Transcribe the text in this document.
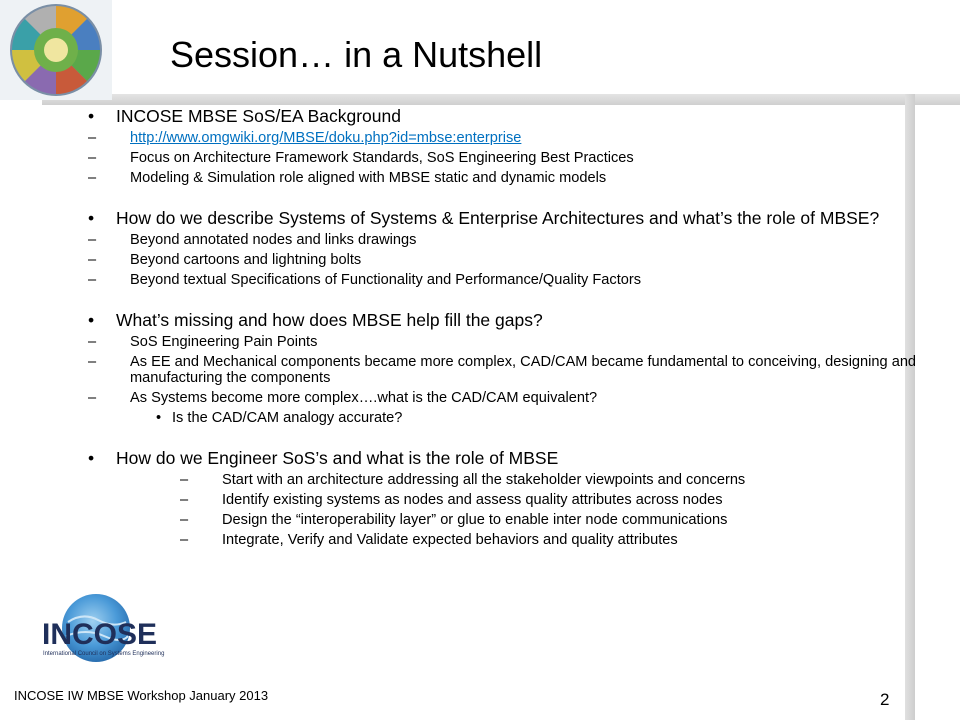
Session… in a Nutshell
• INCOSE MBSE SoS/EA Background
– http://www.omgwiki.org/MBSE/doku.php?id=mbse:enterprise
– Focus on Architecture Framework Standards, SoS Engineering Best Practices
– Modeling & Simulation role aligned with MBSE static and dynamic models
• How do we describe Systems of Systems & Enterprise Architectures and what’s the role of MBSE?
– Beyond annotated nodes and links drawings
– Beyond cartoons and lightning bolts
– Beyond textual Specifications of Functionality and Performance/Quality Factors
• What’s missing and how does MBSE help fill the gaps?
– SoS Engineering Pain Points
– As EE and Mechanical components became more complex, CAD/CAM became fundamental to conceiving, designing and manufacturing the components
– As Systems become more complex….what is the CAD/CAM equivalent?
• Is the CAD/CAM analogy accurate?
• How do we Engineer SoS’s and what is the role of MBSE
– Start with an architecture addressing all the stakeholder viewpoints and concerns
– Identify existing systems as nodes and assess quality attributes across nodes
– Design the “interoperability layer” or glue to enable inter node communications
– Integrate, Verify and Validate expected behaviors and quality attributes
INCOSE
International Council on Systems Engineering
INCOSE IW MBSE Workshop January 2013	2
